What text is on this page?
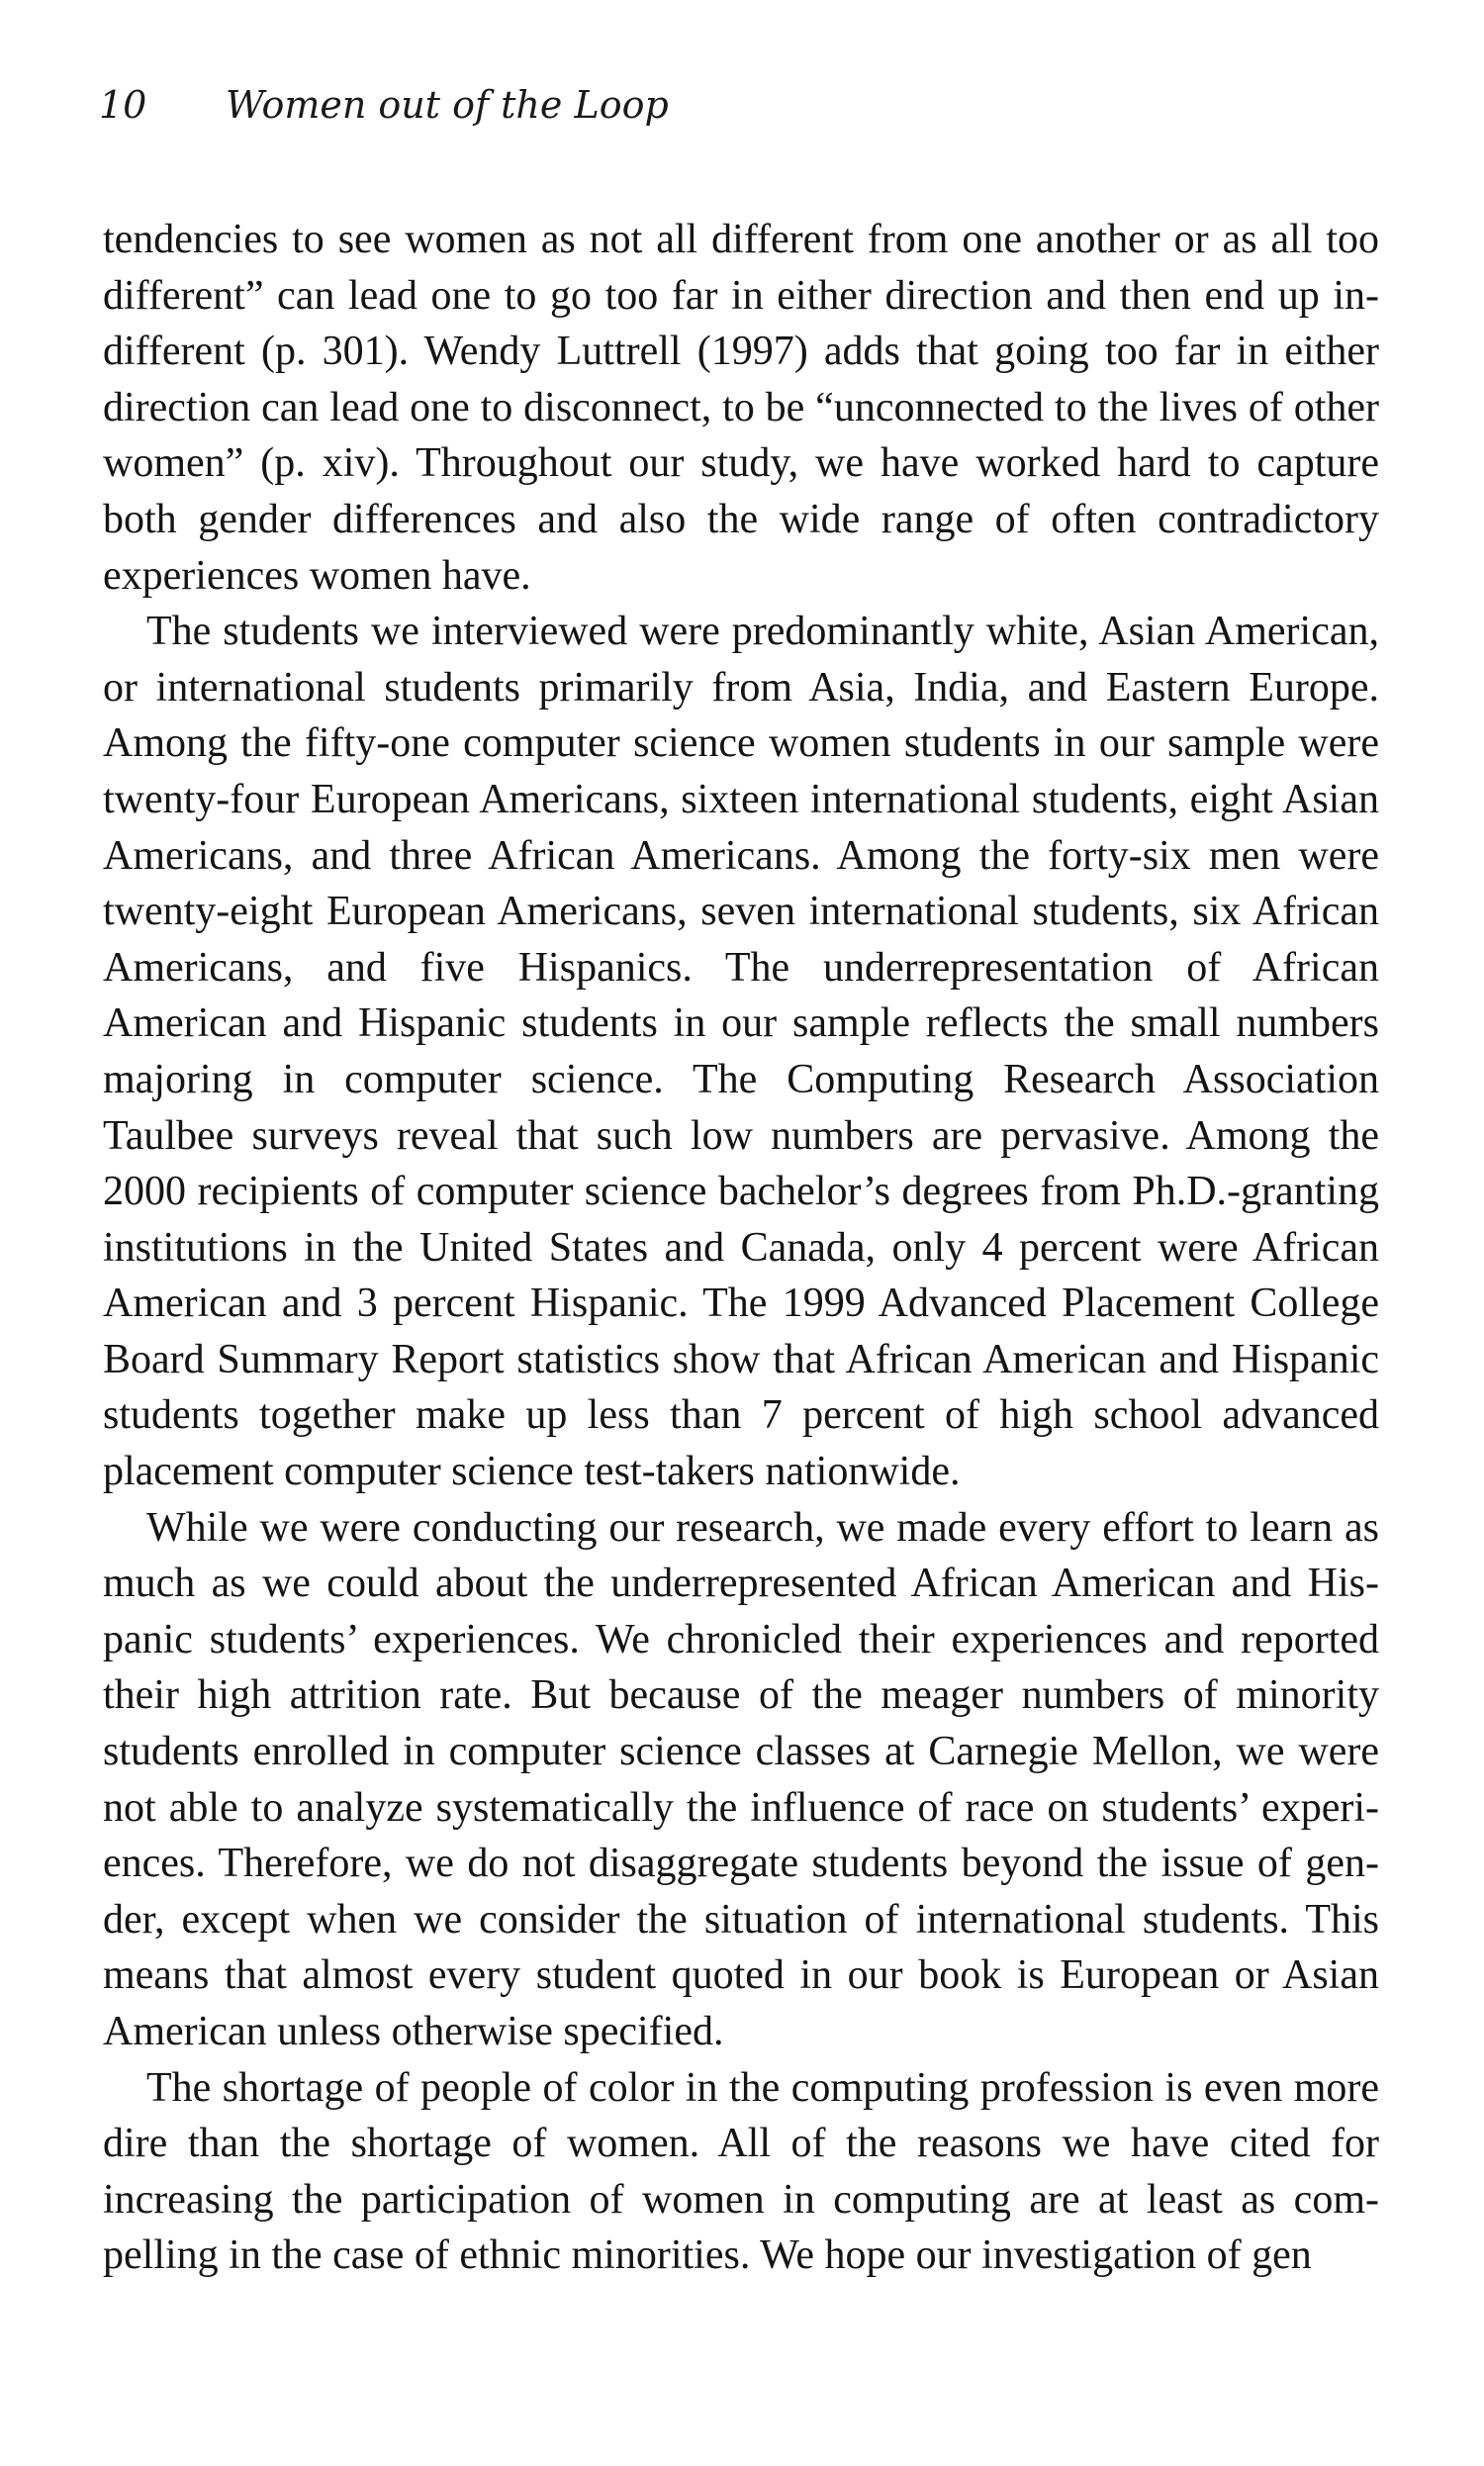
10 Women out of the Loop

tendencies to see women as not all different from one another or as all too different” can lead one to go too far in either direction and then end up indifferent (p. 301). Wendy Luttrell (1997) adds that going too far in either direction can lead one to disconnect, to be “unconnected to the lives of other women” (p. xiv). Throughout our study, we have worked hard to capture both gender differences and also the wide range of often contradictory experiences women have.

The students we interviewed were predominantly white, Asian American, or international students primarily from Asia, India, and Eastern Europe. Among the fifty-one computer science women students in our sample were twenty-four European Americans, sixteen international students, eight Asian Americans, and three African Americans. Among the forty-six men were twenty-eight European Americans, seven international students, six African Americans, and five Hispanics. The underrepresentation of African American and Hispanic students in our sample reflects the small numbers majoring in computer science. The Computing Research Association Taulbee surveys reveal that such low numbers are pervasive. Among the 2000 recipients of computer science bachelor’s degrees from Ph.D.-granting institutions in the United States and Canada, only 4 percent were African American and 3 percent Hispanic. The 1999 Advanced Placement College Board Summary Report statistics show that African American and Hispanic students together make up less than 7 percent of high school advanced placement computer science test-takers nationwide.

While we were conducting our research, we made every effort to learn as much as we could about the underrepresented African American and Hispanic students’ experiences. We chronicled their experiences and reported their high attrition rate. But because of the meager numbers of minority students enrolled in computer science classes at Carnegie Mellon, we were not able to analyze systematically the influence of race on students’ experiences. Therefore, we do not disaggregate students beyond the issue of gender, except when we consider the situation of international students. This means that almost every student quoted in our book is European or Asian American unless otherwise specified.

The shortage of people of color in the computing profession is even more dire than the shortage of women. All of the reasons we have cited for increasing the participation of women in computing are at least as compelling in the case of ethnic minorities. We hope our investigation of gen
